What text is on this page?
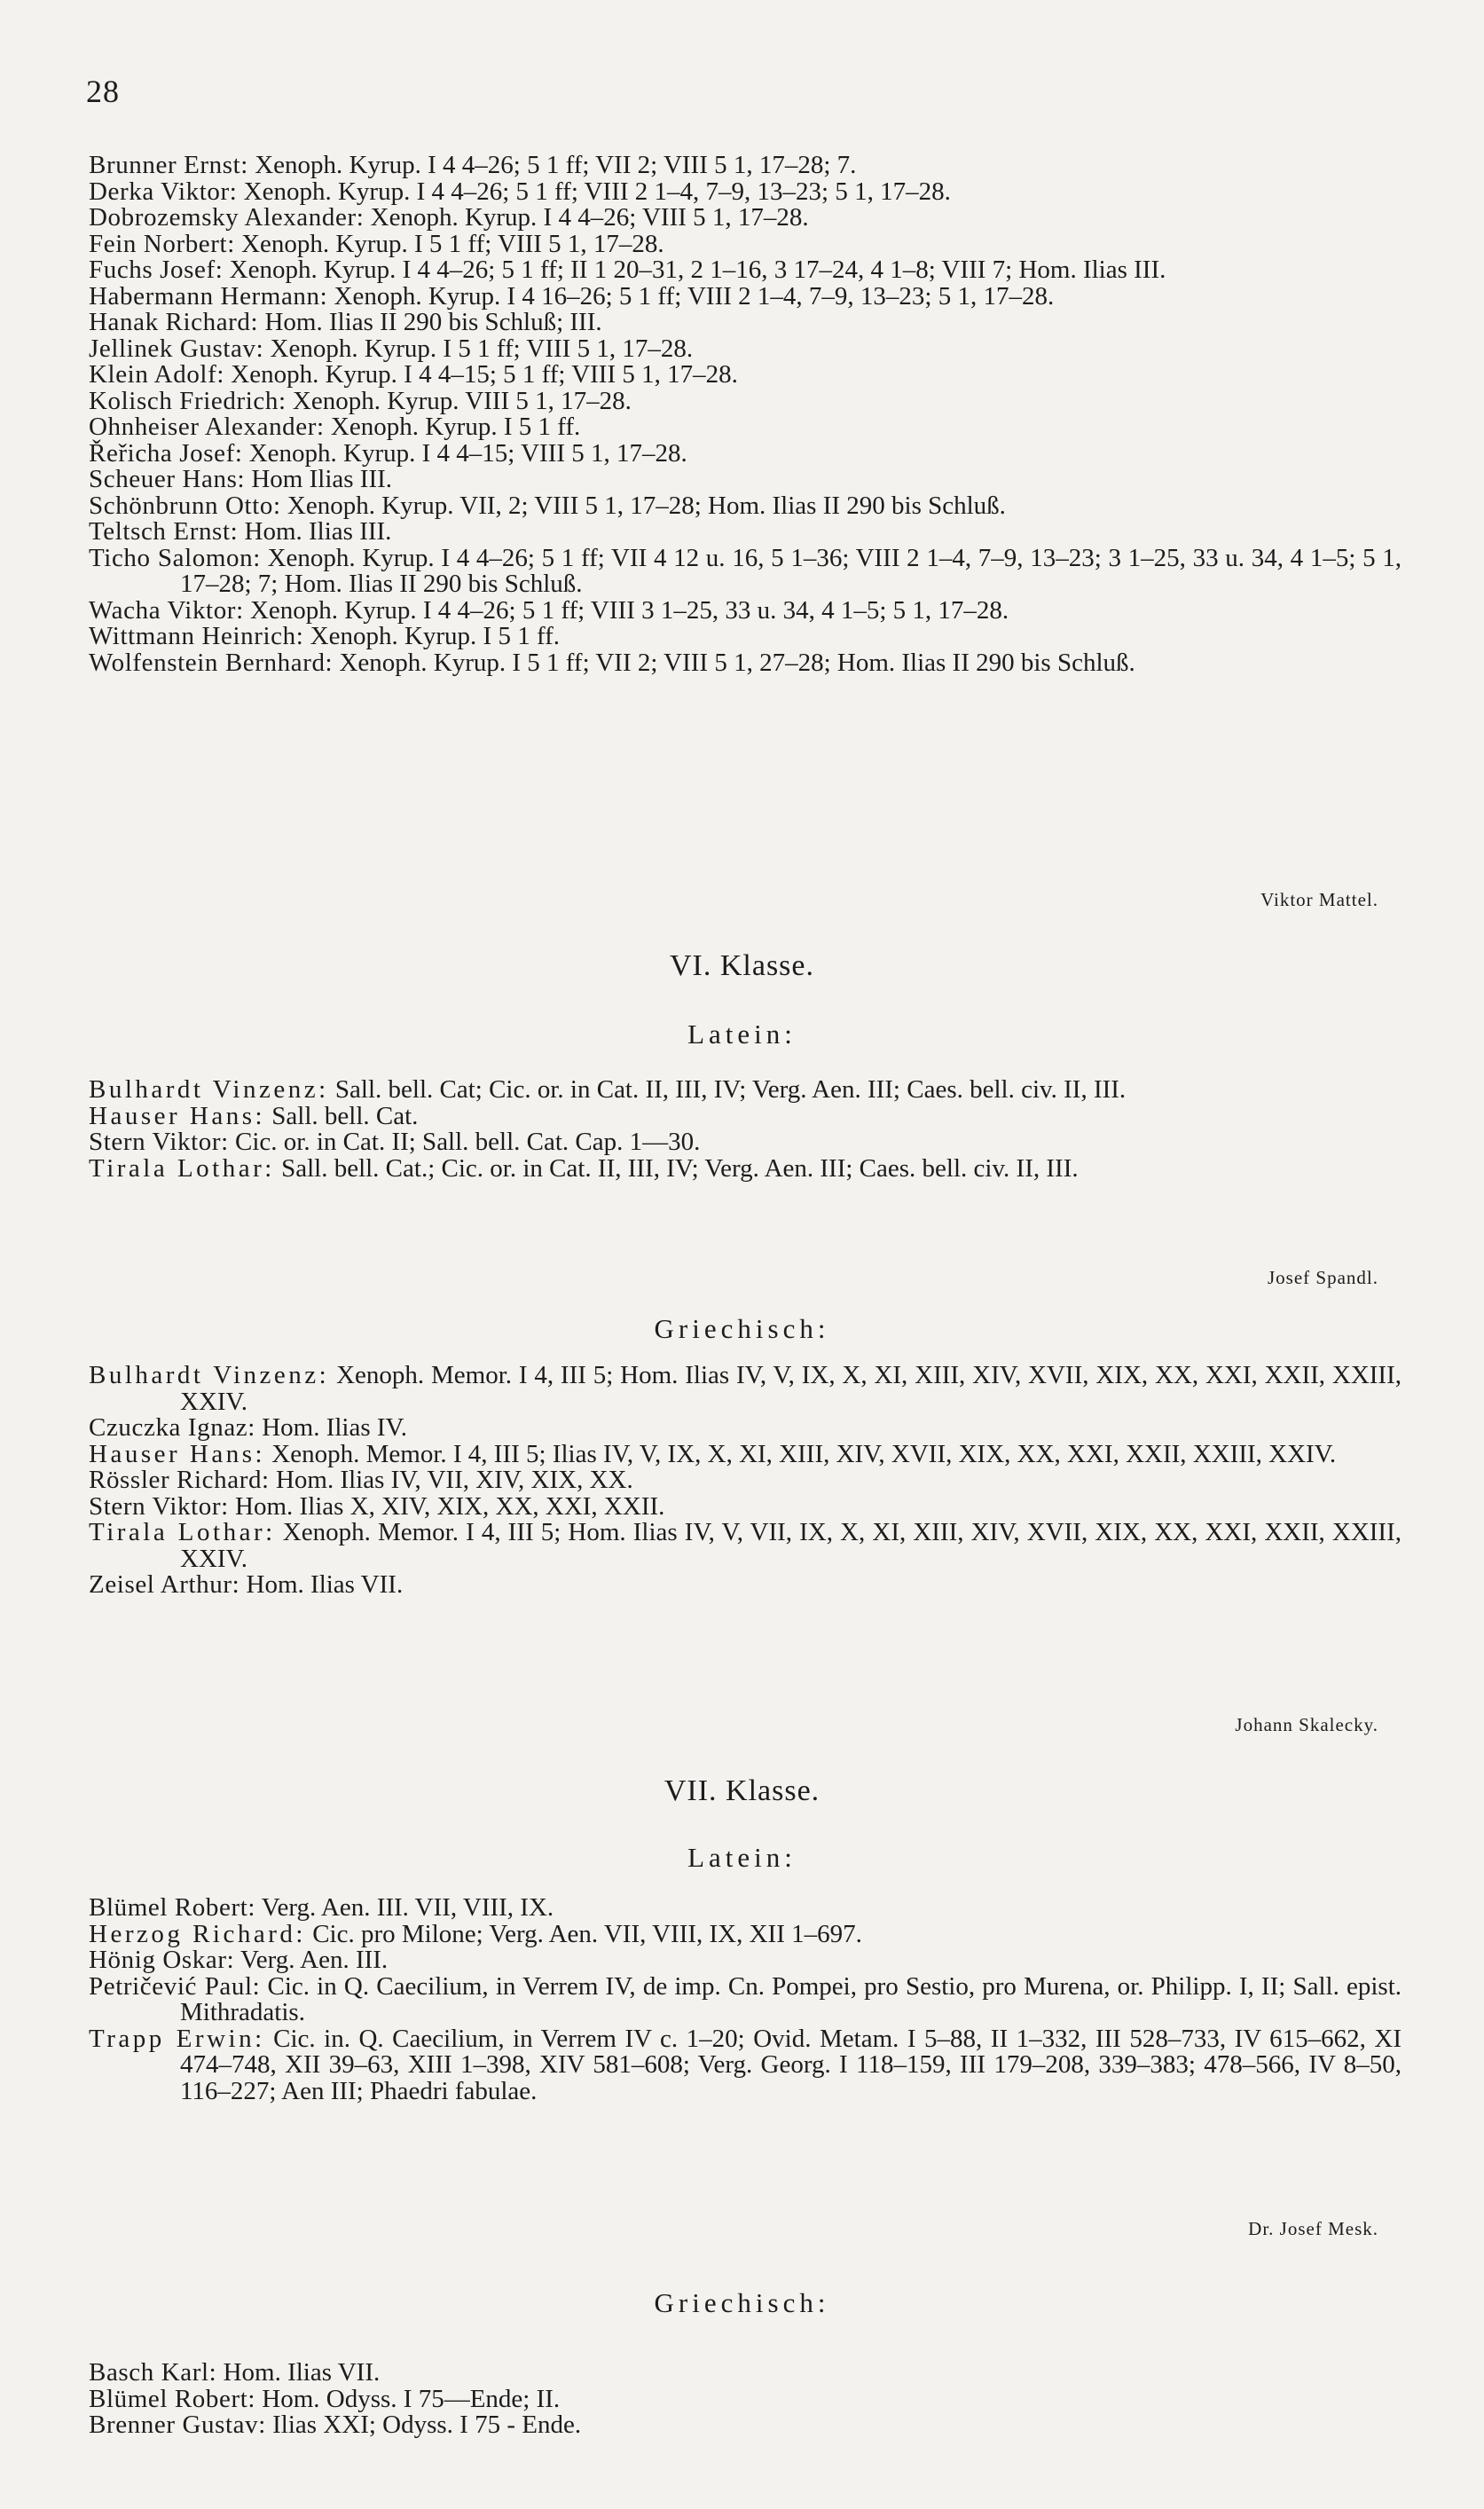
28

Brunner Ernst: Xenoph. Kyrup. I 4 4–26; 5 1 ff; VII 2; VIII 5 1, 17–28; 7.

Derka Viktor: Xenoph. Kyrup. I 4 4–26; 5 1 ff; VIII 2 1–4, 7–9, 13–23; 5 1, 17–28.

Dobrozemsky Alexander: Xenoph. Kyrup. I 4 4–26; VIII 5 1, 17–28.

Fein Norbert: Xenoph. Kyrup. I 5 1 ff; VIII 5 1, 17–28.

Fuchs Josef: Xenoph. Kyrup. I 4 4–26; 5 1 ff; II 1 20–31, 2 1–16, 3 17–24, 4 1–8; VIII 7; Hom. Ilias III.

Habermann Hermann: Xenoph. Kyrup. I 4 16–26; 5 1 ff; VIII 2 1–4, 7–9, 13–23; 5 1, 17–28.

Hanak Richard: Hom. Ilias II 290 bis Schluß; III.

Jellinek Gustav: Xenoph. Kyrup. I 5 1 ff; VIII 5 1, 17–28.

Klein Adolf: Xenoph. Kyrup. I 4 4–15; 5 1 ff; VIII 5 1, 17–28.

Kolisch Friedrich: Xenoph. Kyrup. VIII 5 1, 17–28.

Ohnheiser Alexander: Xenoph. Kyrup. I 5 1 ff.

Řeřicha Josef: Xenoph. Kyrup. I 4 4–15; VIII 5 1, 17–28.

Scheuer Hans: Hom Ilias III.

Schönbrunn Otto: Xenoph. Kyrup. VII, 2; VIII 5 1, 17–28; Hom. Ilias II 290 bis Schluß.

Teltsch Ernst: Hom. Ilias III.

Ticho Salomon: Xenoph. Kyrup. I 4 4–26; 5 1 ff; VII 4 12 u. 16, 5 1–36; VIII 2 1–4, 7–9, 13–23; 3 1–25, 33 u. 34, 4 1–5; 5 1, 17–28; 7; Hom. Ilias II 290 bis Schluß.

Wacha Viktor: Xenoph. Kyrup. I 4 4–26; 5 1 ff; VIII 3 1–25, 33 u. 34, 4 1–5; 5 1, 17–28.

Wittmann Heinrich: Xenoph. Kyrup. I 5 1 ff.

Wolfenstein Bernhard: Xenoph. Kyrup. I 5 1 ff; VII 2; VIII 5 1, 27–28; Hom. Ilias II 290 bis Schluß.

Viktor Mattel.
VI. Klasse.
Latein:

Bulhardt Vinzenz: Sall. bell. Cat; Cic. or. in Cat. II, III, IV; Verg. Aen. III; Caes. bell. civ. II, III.

Hauser Hans: Sall. bell. Cat.

Stern Viktor: Cic. or. in Cat. II; Sall. bell. Cat. Cap. 1—30.

Tirala Lothar: Sall. bell. Cat.; Cic. or. in Cat. II, III, IV; Verg. Aen. III; Caes. bell. civ. II, III.

Josef Spandl.
Griechisch:

Bulhardt Vinzenz: Xenoph. Memor. I 4, III 5; Hom. Ilias IV, V, IX, X, XI, XIII, XIV, XVII, XIX, XX, XXI, XXII, XXIII, XXIV.

Czuczka Ignaz: Hom. Ilias IV.

Hauser Hans: Xenoph. Memor. I 4, III 5; Ilias IV, V, IX, X, XI, XIII, XIV, XVII, XIX, XX, XXI, XXII, XXIII, XXIV.

Rössler Richard: Hom. Ilias IV, VII, XIV, XIX, XX.

Stern Viktor: Hom. Ilias X, XIV, XIX, XX, XXI, XXII.

Tirala Lothar: Xenoph. Memor. I 4, III 5; Hom. Ilias IV, V, VII, IX, X, XI, XIII, XIV, XVII, XIX, XX, XXI, XXII, XXIII, XXIV.

Zeisel Arthur: Hom. Ilias VII.

Johann Skalecky.
VII. Klasse.
Latein:

Blümel Robert: Verg. Aen. III. VII, VIII, IX.

Herzog Richard: Cic. pro Milone; Verg. Aen. VII, VIII, IX, XII 1–697.

Hönig Oskar: Verg. Aen. III.

Petričević Paul: Cic. in Q. Caecilium, in Verrem IV, de imp. Cn. Pompei, pro Sestio, pro Murena, or. Philipp. I, II; Sall. epist. Mithradatis.

Trapp Erwin: Cic. in. Q. Caecilium, in Verrem IV c. 1–20; Ovid. Metam. I 5–88, II 1–332, III 528–733, IV 615–662, XI 474–748, XII 39–63, XIII 1–398, XIV 581–608; Verg. Georg. I 118–159, III 179–208, 339–383; 478–566, IV 8–50, 116–227; Aen III; Phaedri fabulae.

Dr. Josef Mesk.
Griechisch:

Basch Karl: Hom. Ilias VII.

Blümel Robert: Hom. Odyss. I 75—Ende; II.

Brenner Gustav: Ilias XXI; Odyss. I 75 - Ende.
